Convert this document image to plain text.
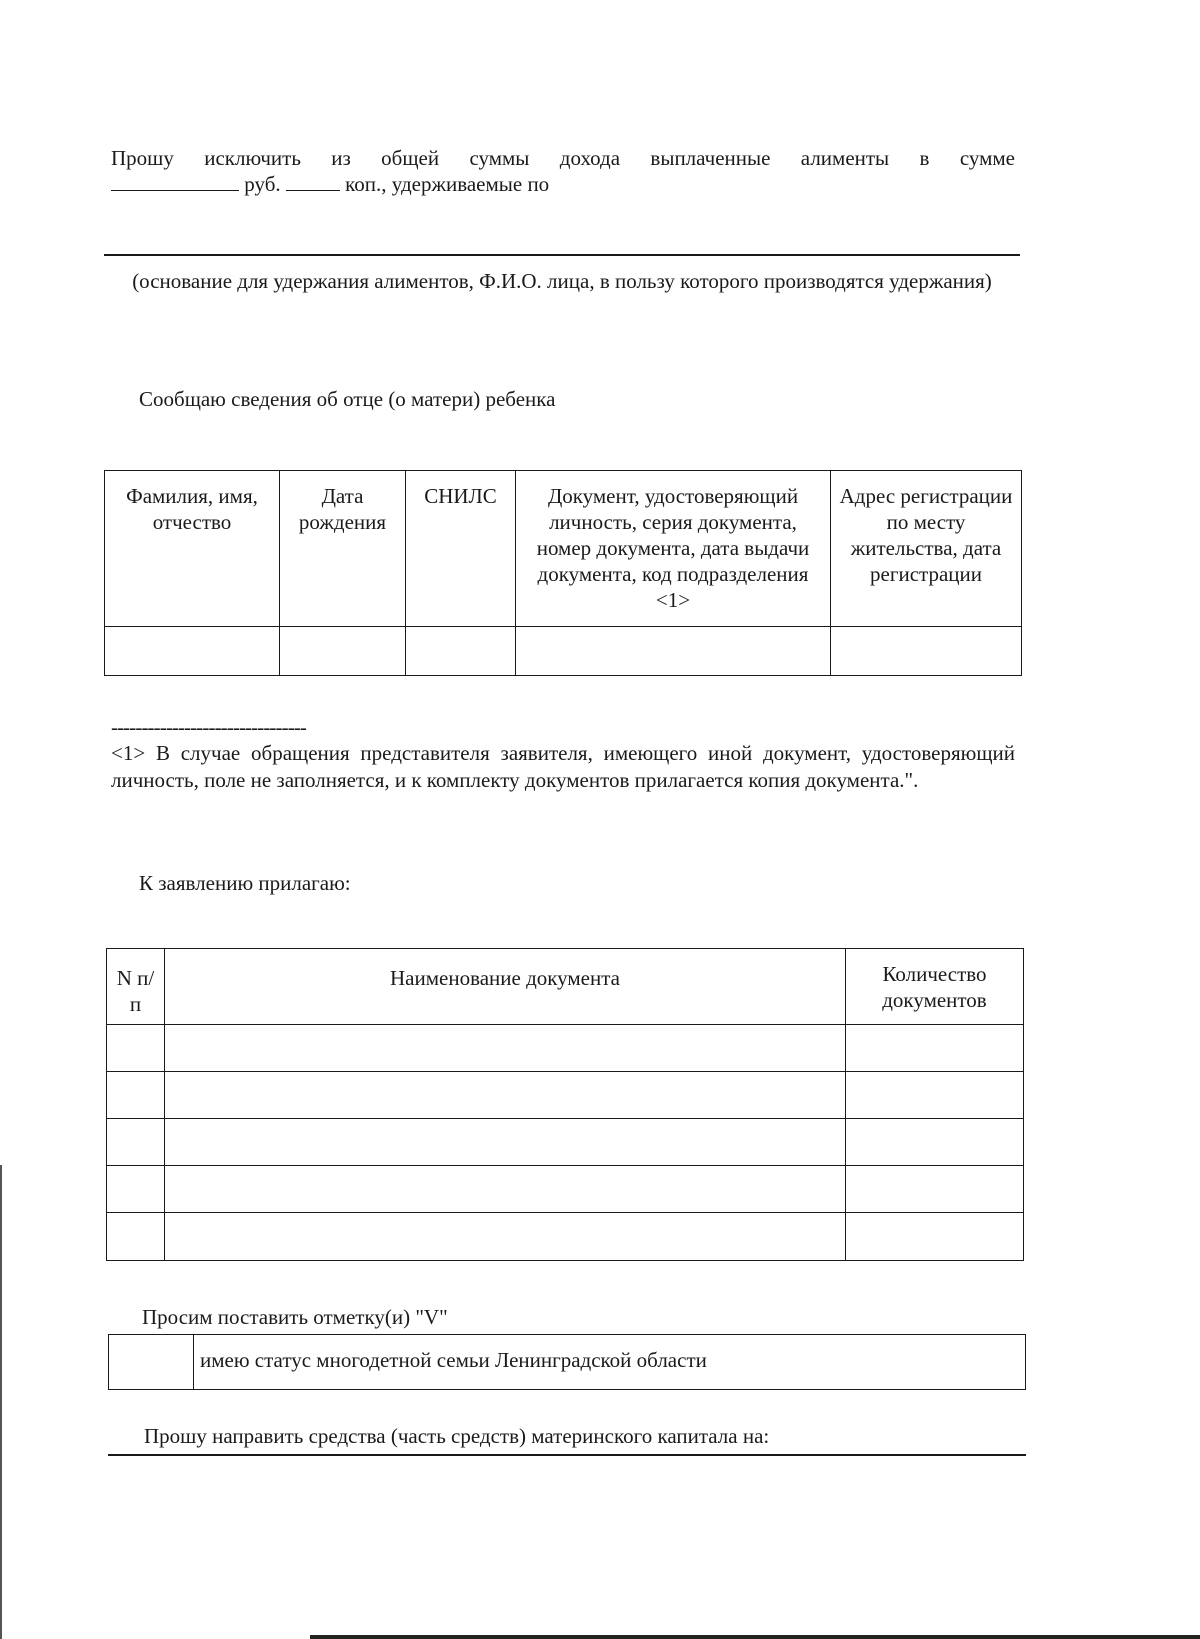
Прошу исключить из общей суммы дохода выплаченные алименты в сумме
руб.	коп., удерживаемые по
(основание для удержания алиментов, Ф.И.О. лица, в пользу которого производятся удержания)
Сообщаю сведения об отце (о матери) ребенка
Фамилия, имя, отчество	Дата рождения	СНИЛС	Документ, удостоверяющий личность, серия документа, номер документа, дата выдачи документа, код подразделения <1>	Адрес регистрации по месту жительства, дата регистрации

--------------------------------
<1> В случае обращения представителя заявителя, имеющего иной документ, удостоверяющий личность, поле не заполняется, и к комплекту документов прилагается копия документа.".
К заявлению прилагаю:
N п/п	Наименование документа	Количество документов

Просим поставить отметку(и) "V"
	имею статус многодетной семьи Ленинградской области
Прошу направить средства (часть средств) материнского капитала на:
